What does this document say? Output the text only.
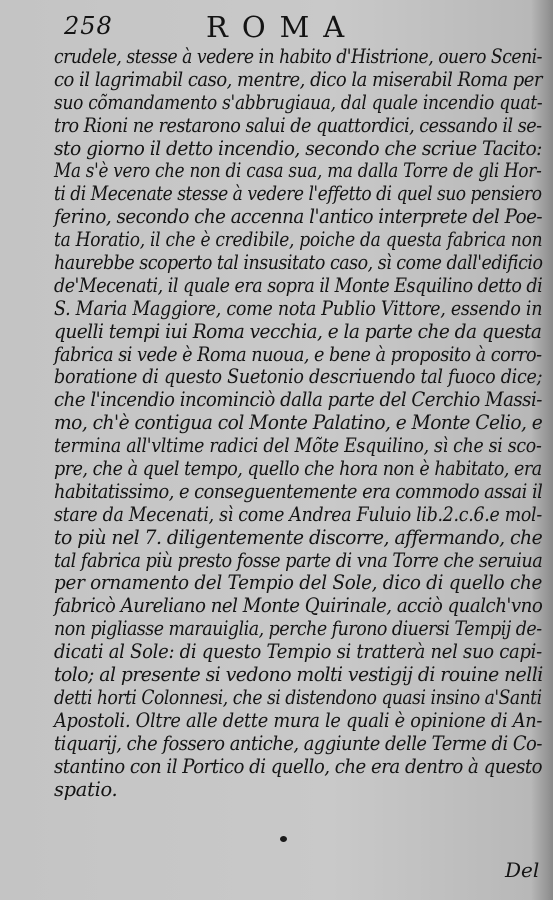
258	ROMA
crudele, stesse à vedere in habito d'Histrione, ouero Sceni-
co il lagrimabil caso, mentre, dico la miserabil Roma per
suo cõmandamento s'abbrugiaua, dal quale incendio quat-
tro Rioni ne restarono salui de quattordici, cessando il se-
sto giorno il detto incendio, secondo che scriue Tacito:
Ma s'è vero che non di casa sua, ma dalla Torre de gli Hor-
ti di Mecenate stesse à vedere l'effetto di quel suo pensiero
ferino, secondo che accenna l'antico interprete del Poe-
ta Horatio, il che è credibile, poiche da questa fabrica non
haurebbe scoperto tal insusitato caso, sì come dall'edificio
de'Mecenati, il quale era sopra il Monte Esquilino detto di
S. Maria Maggiore, come nota Publio Vittore, essendo in
quelli tempi iui Roma vecchia, e la parte che da questa
fabrica si vede è Roma nuoua, e bene à proposito à corro-
boratione di questo Suetonio descriuendo tal fuoco dice;
che l'incendio incominciò dalla parte del Cerchio Massi-
mo, ch'è contigua col Monte Palatino, e Monte Celio, e
termina all'vltime radici del Mõte Esquilino, sì che si sco-
pre, che à quel tempo, quello che hora non è habitato, era
habitatissimo, e conseguentemente era commodo assai il
stare da Mecenati, sì come Andrea Fuluio lib.2.c.6.e mol-
to più nel 7. diligentemente discorre, affermando, che
tal fabrica più presto fosse parte di vna Torre che seruiua
per ornamento del Tempio del Sole, dico di quello che
fabricò Aureliano nel Monte Quirinale, acciò qualch'vno
non pigliasse marauiglia, perche furono diuersi Tempij de-
dicati al Sole: di questo Tempio si tratterà nel suo capi-
tolo; al presente si vedono molti vestigij di rouine nelli
detti horti Colonnesi, che si distendono quasi insino a'Santi
Apostoli. Oltre alle dette mura le quali è opinione di An-
tiquarij, che fossero antiche, aggiunte delle Terme di Co-
stantino con il Portico di quello, che era dentro à questo
spatio.
Del
